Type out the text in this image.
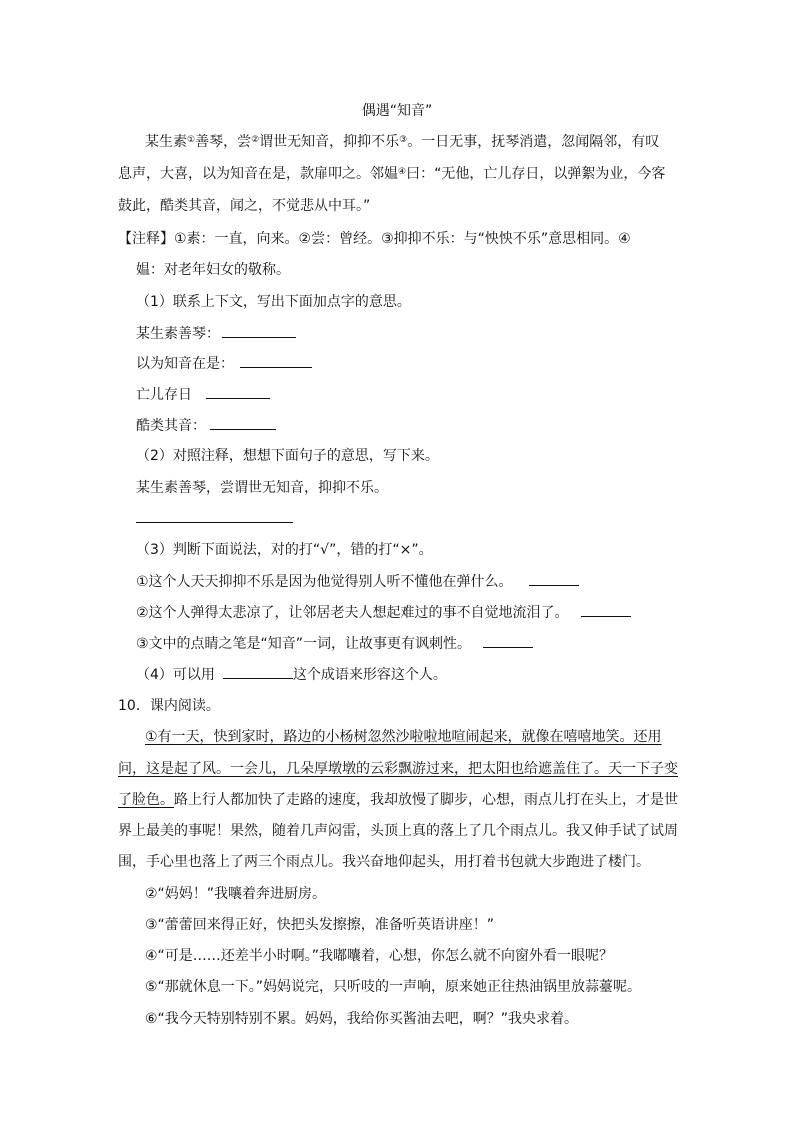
偶遇“知音”
某生素①善琴，尝②谓世无知音，抑抑不乐③。一日无事，抚琴消遣，忽闻隔邻，有叹
息声，大喜，以为知音在是，款扉叩之。邻媪④曰：“无他，亡儿存日，以弹絮为业，今客
鼓此，酷类其音，闻之，不觉悲从中耳。”
【注释】①素：一直，向来。②尝：曾经。③抑抑不乐：与“怏怏不乐”意思相同。④
媪：对老年妇女的敬称。
（1）联系上下文，写出下面加点字的意思。
某生素善琴：
以为知音在是：
亡儿存日
酷类其音：
（2）对照注释，想想下面句子的意思，写下来。
某生素善琴，尝谓世无知音，抑抑不乐。
（3）判断下面说法，对的打“√”，错的打“×”。
①这个人天天抑抑不乐是因为他觉得别人听不懂他在弹什么。
②这个人弹得太悲凉了，让邻居老夫人想起难过的事不自觉地流泪了。
③文中的点睛之笔是“知音”一词，让故事更有讽刺性。
（4）可以用	这个成语来形容这个人。
10．课内阅读。
①有一天，快到家时，路边的小杨树忽然沙啦啦地喧闹起来，就像在嘻嘻地笑。还用
问，这是起了风。一会儿，几朵厚墩墩的云彩飘游过来，把太阳也给遮盖住了。天一下子变
了脸色。路上行人都加快了走路的速度，我却放慢了脚步，心想，雨点儿打在头上，才是世
界上最美的事呢！果然，随着几声闷雷，头顶上真的落上了几个雨点儿。我又伸手试了试周
围，手心里也落上了两三个雨点儿。我兴奋地仰起头，用打着书包就大步跑进了楼门。
②“妈妈！”我嚷着奔进厨房。
③“蕾蕾回来得正好，快把头发擦擦，准备听英语讲座！”
④“可是……还差半小时啊。”我嘟囔着，心想，你怎么就不向窗外看一眼呢？
⑤“那就休息一下。”妈妈说完，只听吱的一声响，原来她正往热油锅里放蒜薹呢。
⑥“我今天特别特别不累。妈妈，我给你买酱油去吧，啊？”我央求着。
